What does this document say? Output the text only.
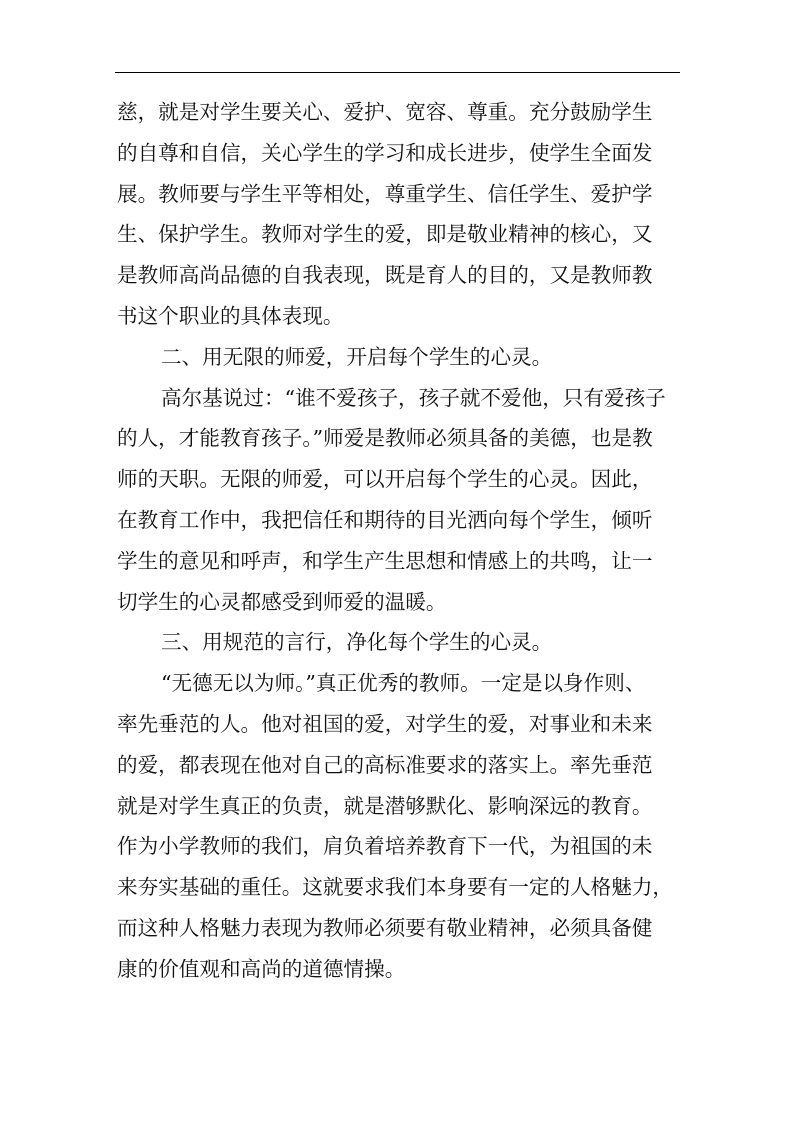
慈，就是对学生要关心、爱护、宽容、尊重。充分鼓励学生
的自尊和自信，关心学生的学习和成长进步，使学生全面发
展。教师要与学生平等相处，尊重学生、信任学生、爱护学
生、保护学生。教师对学生的爱，即是敬业精神的核心，又
是教师高尚品德的自我表现，既是育人的目的，又是教师教
书这个职业的具体表现。
二、用无限的师爱，开启每个学生的心灵。
高尔基说过：“谁不爱孩子，孩子就不爱他，只有爱孩子
的人，才能教育孩子。”师爱是教师必须具备的美德，也是教
师的天职。无限的师爱，可以开启每个学生的心灵。因此，
在教育工作中，我把信任和期待的目光洒向每个学生，倾听
学生的意见和呼声，和学生产生思想和情感上的共鸣，让一
切学生的心灵都感受到师爱的温暖。
三、用规范的言行，净化每个学生的心灵。
“无德无以为师。”真正优秀的教师。一定是以身作则、
率先垂范的人。他对祖国的爱，对学生的爱，对事业和未来
的爱，都表现在他对自己的高标准要求的落实上。率先垂范
就是对学生真正的负责，就是潜够默化、影响深远的教育。
作为小学教师的我们，肩负着培养教育下一代，为祖国的未
来夯实基础的重任。这就要求我们本身要有一定的人格魅力，
而这种人格魅力表现为教师必须要有敬业精神，必须具备健
康的价值观和高尚的道德情操。
